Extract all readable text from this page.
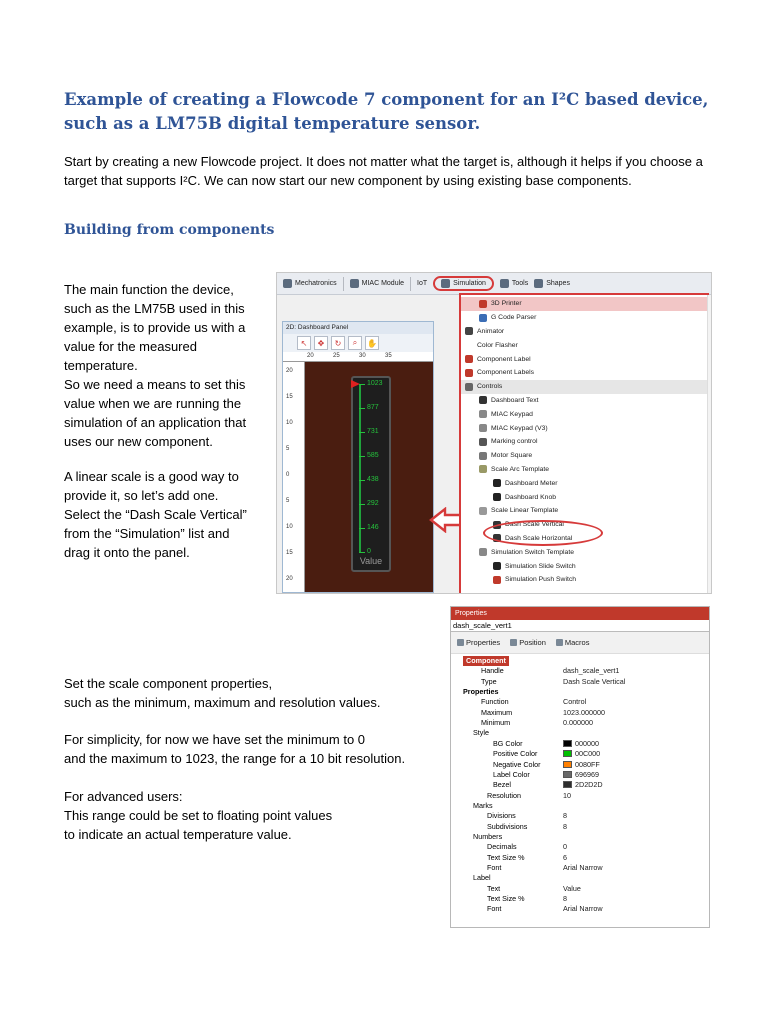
Example of creating a Flowcode 7 component for an I²C based device, such as a LM75B digital temperature sensor.
Start by creating a new Flowcode project. It does not matter what the target is, although it helps if you choose a
target that supports I²C. We can now start our new component by using existing base components.
Building from components
The main function the device,
such as the LM75B used in this
example, is to provide us with a
value for the measured
temperature.
So we need a means to set this
value when we are running the
simulation of an application that
uses our new component.
A linear scale is a good way to
provide it, so let’s add one.
Select the “Dash Scale Vertical”
from the “Simulation” list and
drag it onto the panel.
Set the scale component properties,
such as the minimum, maximum and resolution values.
For simplicity, for now we have set the minimum to 0
and the maximum to 1023, the range for a 10 bit resolution.
For advanced users:
This range could be set to floating point values
to indicate an actual temperature value.
Mechatronics	MIAC Module IoT	Simulation	Tools	Shapes
2D: Dashboard Panel
↖	✥	↻	⌕	✋
20	25	30	35
20
15
10
5
0
5
10
15
20
1023
877
731
585
438
292
146
0
Value
3D Printer
G Code Parser
Animator
Color Flasher
Component Label
Component Labels
Controls
Dashboard Text
MIAC Keypad
MIAC Keypad (V3)
Marking control
Motor Square
Scale Arc Template
Dashboard Meter
Dashboard Knob
Scale Linear Template
Dash Scale Vertical
Dash Scale Horizontal
Simulation Switch Template
Simulation Slide Switch
Simulation Push Switch
Properties
dash_scale_vert1
Properties	Position	Macros
Component
Handle	dash_scale_vert1
Type	Dash Scale Vertical
Properties
Function	Control
Maximum	1023.000000
Minimum	0.000000
Style
BG Color	000000
Positive Color	00C000
Negative Color	0080FF
Label Color	696969
Bezel	2D2D2D
Resolution	10
Marks
Divisions	8
Subdivisions	8
Numbers
Decimals	0
Text Size %	6
Font	Arial Narrow
Label
Text	Value
Text Size %	8
Font	Arial Narrow
